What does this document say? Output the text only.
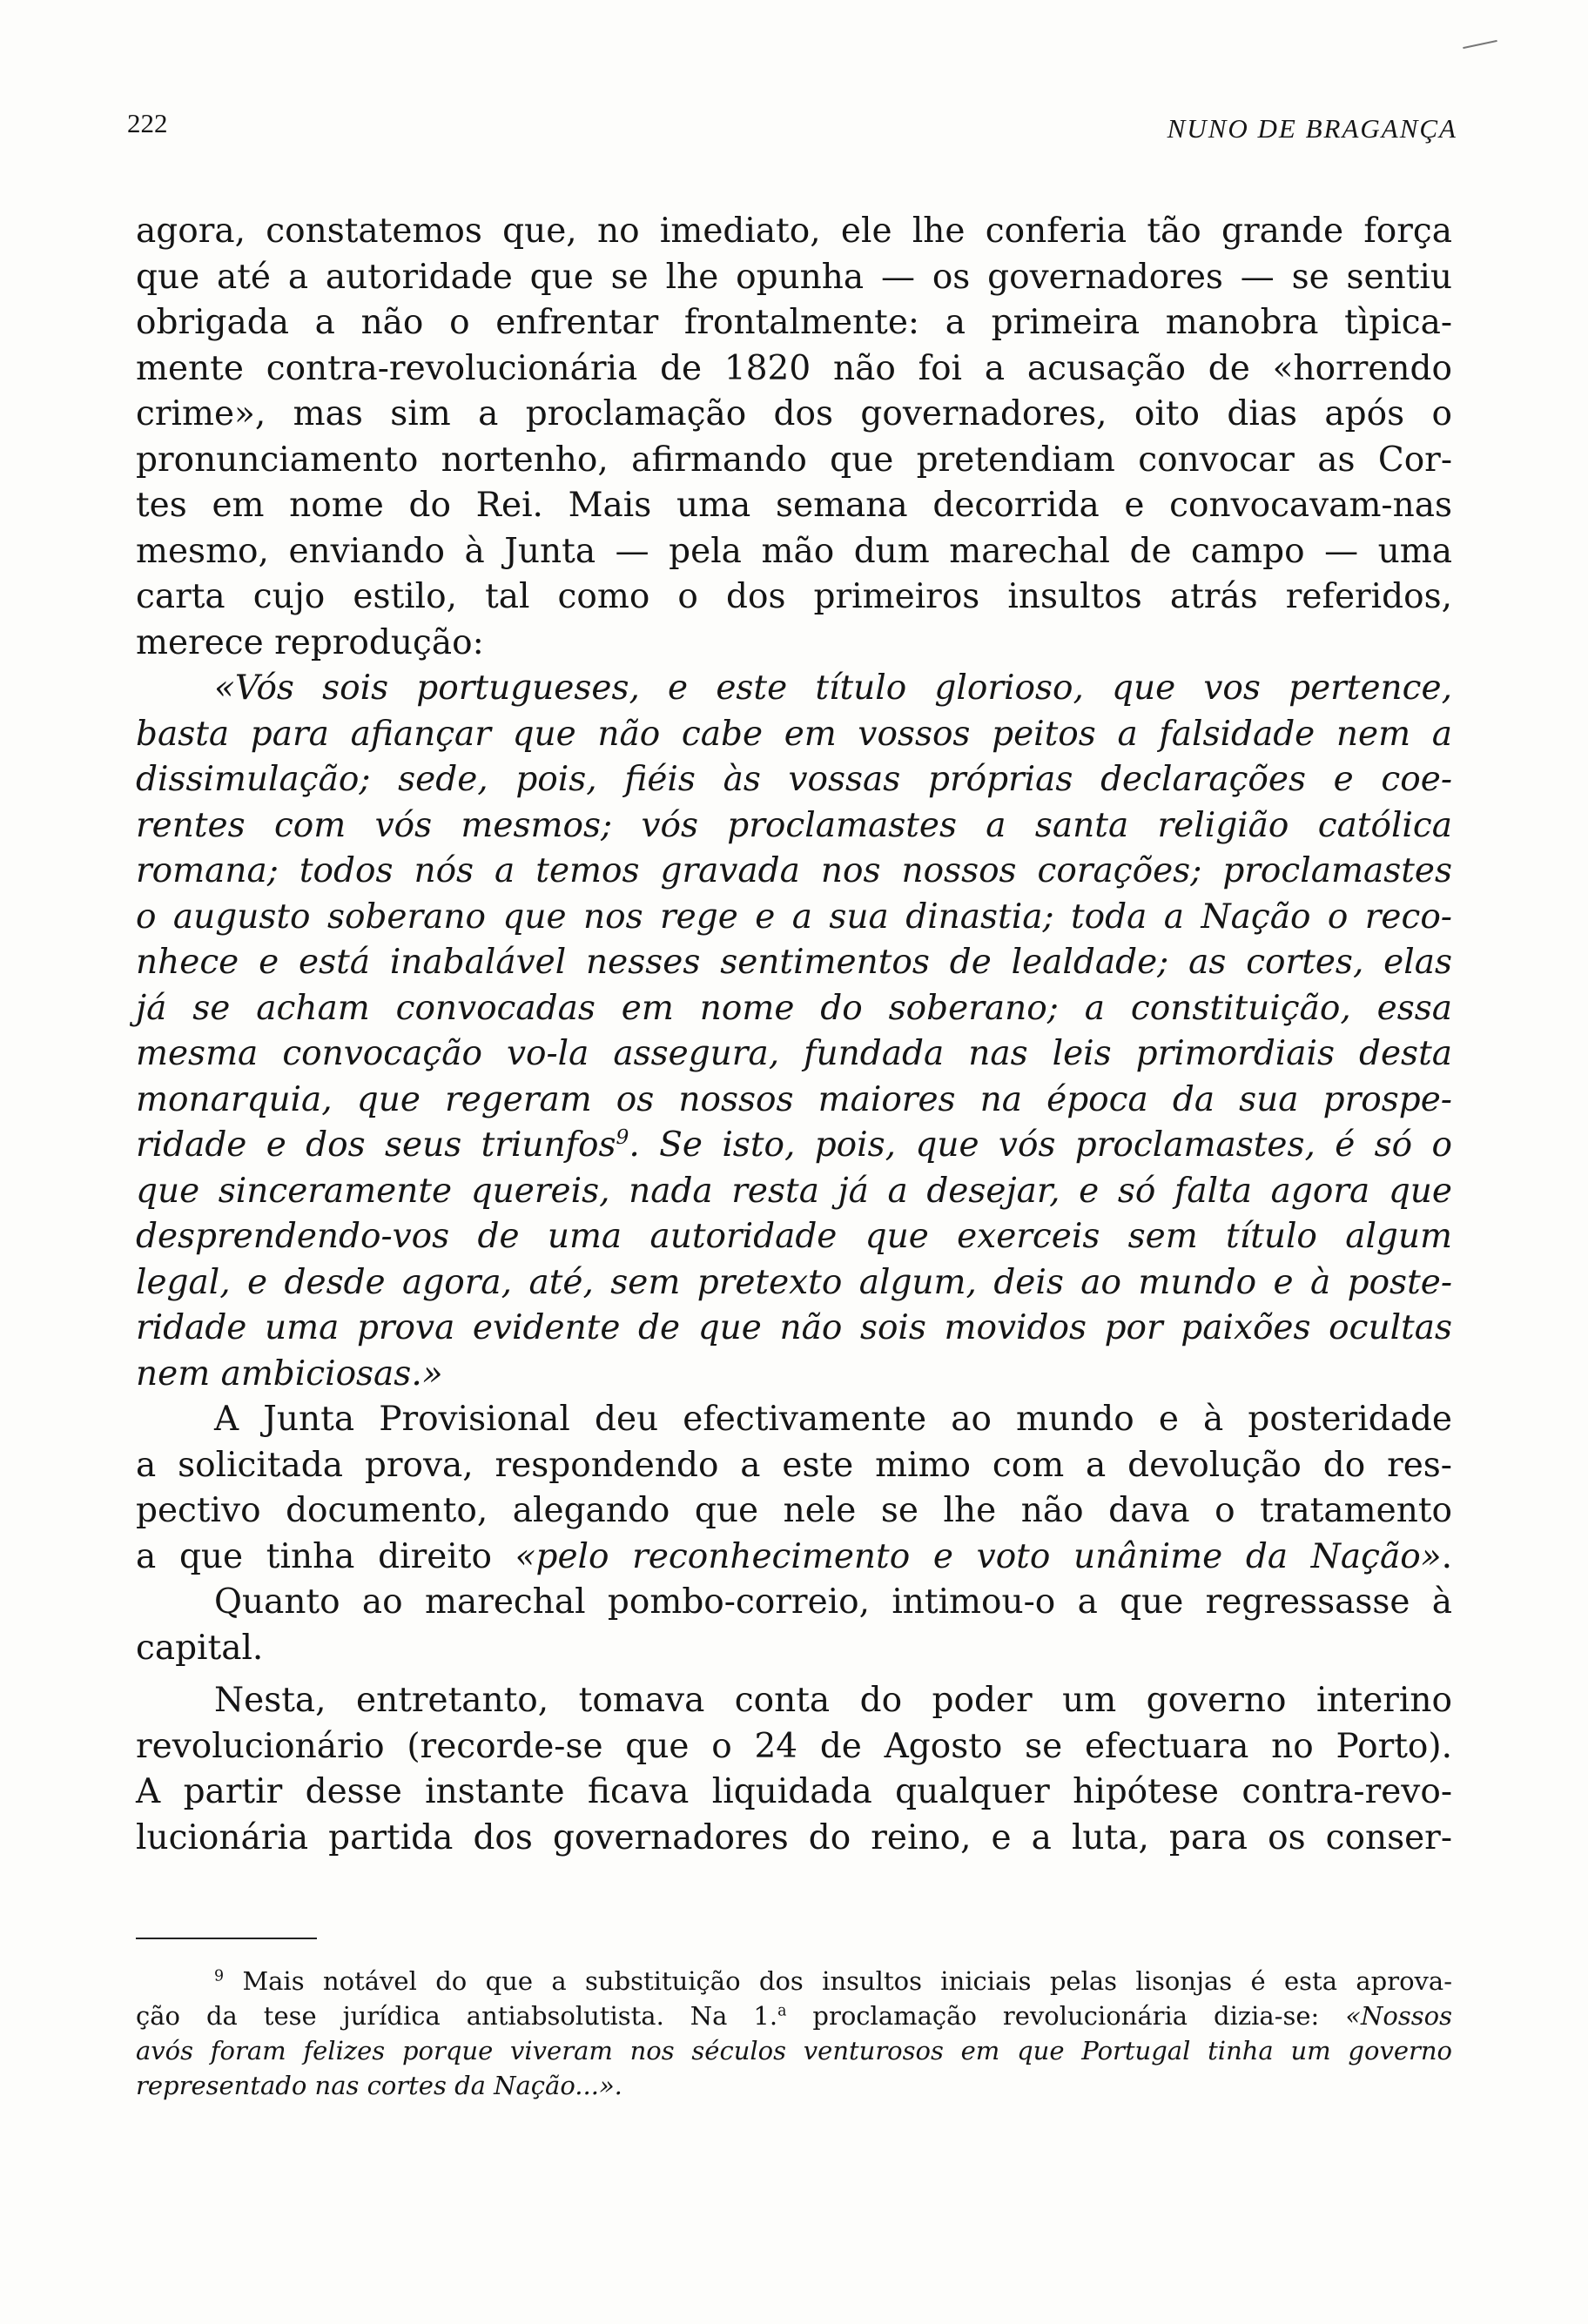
222	NUNO DE BRAGANÇA

agora, constatemos que, no imediato, ele lhe conferia tão grande força
que até a autoridade que se lhe opunha — os governadores — se sentiu
obrigada a não o enfrentar frontalmente: a primeira manobra tìpica-
mente contra-revolucionária de 1820 não foi a acusação de «horrendo
crime», mas sim a proclamação dos governadores, oito dias após o
pronunciamento nortenho, afirmando que pretendiam convocar as Cor-
tes em nome do Rei. Mais uma semana decorrida e convocavam-nas
mesmo, enviando à Junta — pela mão dum marechal de campo — uma
carta cujo estilo, tal como o dos primeiros insultos atrás referidos,
merece reprodução:

«Vós sois portugueses, e este título glorioso, que vos pertence,
basta para afiançar que não cabe em vossos peitos a falsidade nem a
dissimulação; sede, pois, fiéis às vossas próprias declarações e coe-
rentes com vós mesmos; vós proclamastes a santa religião católica
romana; todos nós a temos gravada nos nossos corações; proclamastes
o augusto soberano que nos rege e a sua dinastia; toda a Nação o reco-
nhece e está inabalável nesses sentimentos de lealdade; as cortes, elas
já se acham convocadas em nome do soberano; a constituição, essa
mesma convocação vo-la assegura, fundada nas leis primordiais desta
monarquia, que regeram os nossos maiores na época da sua prospe-
ridade e dos seus triunfos$^9$. Se isto, pois, que vós proclamastes, é só o
que sinceramente quereis, nada resta já a desejar, e só falta agora que
desprendendo-vos de uma autoridade que exerceis sem título algum
legal, e desde agora, até, sem pretexto algum, deis ao mundo e à poste-
ridade uma prova evidente de que não sois movidos por paixões ocultas
nem ambiciosas.»

A Junta Provisional deu efectivamente ao mundo e à posteridade
a solicitada prova, respondendo a este mimo com a devolução do res-
pectivo documento, alegando que nele se lhe não dava o tratamento
a que tinha direito «pelo reconhecimento e voto unânime da Nação».

Quanto ao marechal pombo-correio, intimou-o a que regressasse à
capital.

Nesta, entretanto, tomava conta do poder um governo interino
revolucionário (recorde-se que o 24 de Agosto se efectuara no Porto).
A partir desse instante ficava liquidada qualquer hipótese contra-revo-
lucionária partida dos governadores do reino, e a luta, para os conser-

$^9$ Mais notável do que a substituição dos insultos iniciais pelas lisonjas é esta aprova-
ção da tese jurídica antiabsolutista. Na 1.$^a$ proclamação revolucionária dizia-se: «Nossos
avós foram felizes porque viveram nos séculos venturosos em que Portugal tinha um governo
representado nas cortes da Nação...».
